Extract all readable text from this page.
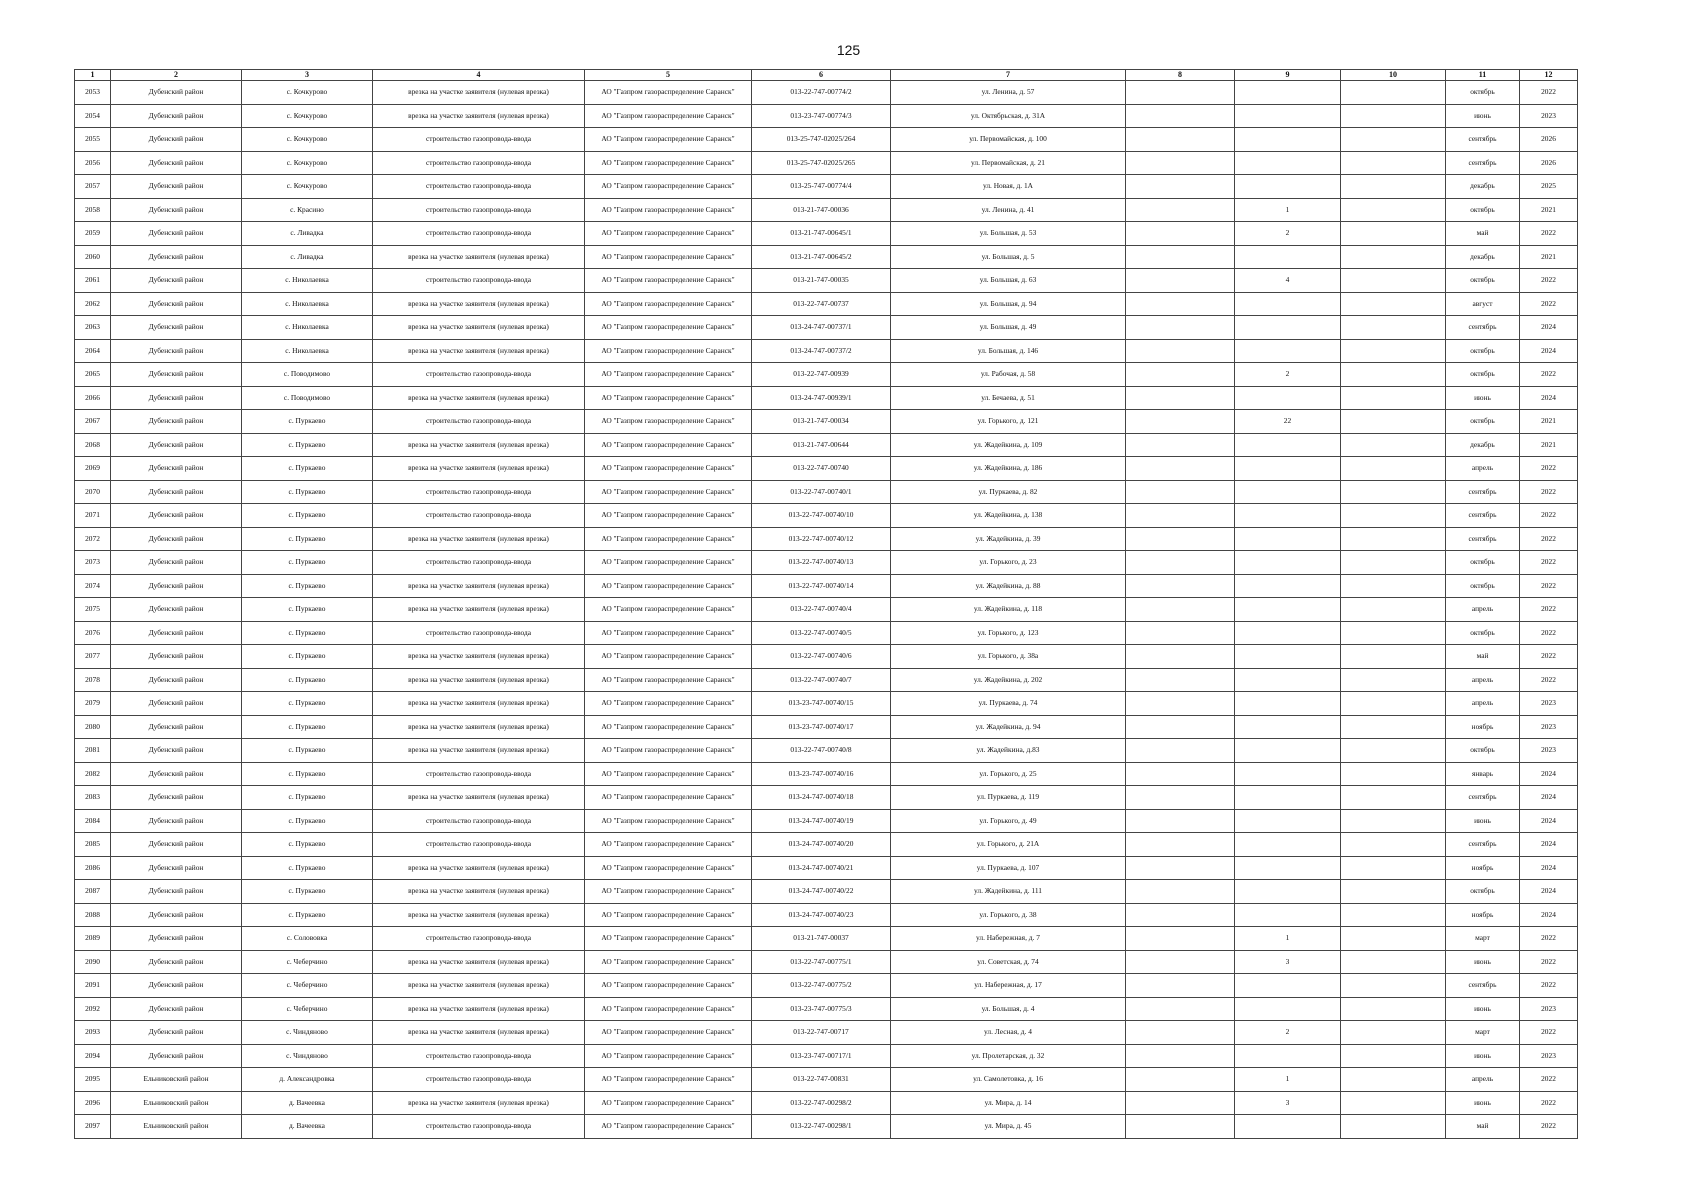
125
1	2	3	4	5	6	7	8	9	10	11	12
2053	Дубенский район	с. Кочкурово	врезка на участке заявителя (нулевая врезка)	АО "Газпром газораспределение Саранск"	013-22-747-00774/2	ул. Ленина, д. 57				октябрь	2022
2054	Дубенский район	с. Кочкурово	врезка на участке заявителя (нулевая врезка)	АО "Газпром газораспределение Саранск"	013-23-747-00774/3	ул. Октябрьская, д. 31А				июнь	2023
2055	Дубенский район	с. Кочкурово	строительство газопровода-ввода	АО "Газпром газораспределение Саранск"	013-25-747-02025/264	ул. Первомайская, д. 100				сентябрь	2026
2056	Дубенский район	с. Кочкурово	строительство газопровода-ввода	АО "Газпром газораспределение Саранск"	013-25-747-02025/265	ул. Первомайская, д. 21				сентябрь	2026
2057	Дубенский район	с. Кочкурово	строительство газопровода-ввода	АО "Газпром газораспределение Саранск"	013-25-747-00774/4	ул. Новая, д. 1А				декабрь	2025
2058	Дубенский район	с. Красино	строительство газопровода-ввода	АО "Газпром газораспределение Саранск"	013-21-747-00036	ул. Ленина, д. 41		1		октябрь	2021
2059	Дубенский район	с. Ливадка	строительство газопровода-ввода	АО "Газпром газораспределение Саранск"	013-21-747-00645/1	ул. Большая, д. 53		2		май	2022
2060	Дубенский район	с. Ливадка	врезка на участке заявителя (нулевая врезка)	АО "Газпром газораспределение Саранск"	013-21-747-00645/2	ул. Большая, д. 5				декабрь	2021
2061	Дубенский район	с. Николаевка	строительство газопровода-ввода	АО "Газпром газораспределение Саранск"	013-21-747-00035	ул. Большая, д. 63		4		октябрь	2022
2062	Дубенский район	с. Николаевка	врезка на участке заявителя (нулевая врезка)	АО "Газпром газораспределение Саранск"	013-22-747-00737	ул. Большая, д. 94				август	2022
2063	Дубенский район	с. Николаевка	врезка на участке заявителя (нулевая врезка)	АО "Газпром газораспределение Саранск"	013-24-747-00737/1	ул. Большая, д. 49				сентябрь	2024
2064	Дубенский район	с. Николаевка	врезка на участке заявителя (нулевая врезка)	АО "Газпром газораспределение Саранск"	013-24-747-00737/2	ул. Большая, д. 146				октябрь	2024
2065	Дубенский район	с. Поводимово	строительство газопровода-ввода	АО "Газпром газораспределение Саранск"	013-22-747-00939	ул. Рабочая, д. 58		2		октябрь	2022
2066	Дубенский район	с. Поводимово	врезка на участке заявителя (нулевая врезка)	АО "Газпром газораспределение Саранск"	013-24-747-00939/1	ул. Бечаева, д. 51				июнь	2024
2067	Дубенский район	с. Пуркаево	строительство газопровода-ввода	АО "Газпром газораспределение Саранск"	013-21-747-00034	ул. Горького, д. 121		22		октябрь	2021
2068	Дубенский район	с. Пуркаево	врезка на участке заявителя (нулевая врезка)	АО "Газпром газораспределение Саранск"	013-21-747-00644	ул. Жадейкина, д. 109				декабрь	2021
2069	Дубенский район	с. Пуркаево	врезка на участке заявителя (нулевая врезка)	АО "Газпром газораспределение Саранск"	013-22-747-00740	ул. Жадейкина, д. 186				апрель	2022
2070	Дубенский район	с. Пуркаево	строительство газопровода-ввода	АО "Газпром газораспределение Саранск"	013-22-747-00740/1	ул. Пуркаева, д. 82				сентябрь	2022
2071	Дубенский район	с. Пуркаево	строительство газопровода-ввода	АО "Газпром газораспределение Саранск"	013-22-747-00740/10	ул. Жадейкина, д. 138				сентябрь	2022
2072	Дубенский район	с. Пуркаево	врезка на участке заявителя (нулевая врезка)	АО "Газпром газораспределение Саранск"	013-22-747-00740/12	ул. Жадейкина, д. 39				сентябрь	2022
2073	Дубенский район	с. Пуркаево	строительство газопровода-ввода	АО "Газпром газораспределение Саранск"	013-22-747-00740/13	ул. Горького, д. 23				октябрь	2022
2074	Дубенский район	с. Пуркаево	врезка на участке заявителя (нулевая врезка)	АО "Газпром газораспределение Саранск"	013-22-747-00740/14	ул. Жадейкина, д. 88				октябрь	2022
2075	Дубенский район	с. Пуркаево	врезка на участке заявителя (нулевая врезка)	АО "Газпром газораспределение Саранск"	013-22-747-00740/4	ул. Жадейкина, д. 118				апрель	2022
2076	Дубенский район	с. Пуркаево	строительство газопровода-ввода	АО "Газпром газораспределение Саранск"	013-22-747-00740/5	ул. Горького, д. 123				октябрь	2022
2077	Дубенский район	с. Пуркаево	врезка на участке заявителя (нулевая врезка)	АО "Газпром газораспределение Саранск"	013-22-747-00740/6	ул. Горького, д. 38а				май	2022
2078	Дубенский район	с. Пуркаево	врезка на участке заявителя (нулевая врезка)	АО "Газпром газораспределение Саранск"	013-22-747-00740/7	ул. Жадейкина, д. 202				апрель	2022
2079	Дубенский район	с. Пуркаево	врезка на участке заявителя (нулевая врезка)	АО "Газпром газораспределение Саранск"	013-23-747-00740/15	ул. Пуркаева, д. 74				апрель	2023
2080	Дубенский район	с. Пуркаево	врезка на участке заявителя (нулевая врезка)	АО "Газпром газораспределение Саранск"	013-23-747-00740/17	ул. Жадейкина, д. 94				ноябрь	2023
2081	Дубенский район	с. Пуркаево	врезка на участке заявителя (нулевая врезка)	АО "Газпром газораспределение Саранск"	013-22-747-00740/8	ул. Жадейкина, д.83				октябрь	2023
2082	Дубенский район	с. Пуркаево	строительство газопровода-ввода	АО "Газпром газораспределение Саранск"	013-23-747-00740/16	ул. Горького, д. 25				январь	2024
2083	Дубенский район	с. Пуркаево	врезка на участке заявителя (нулевая врезка)	АО "Газпром газораспределение Саранск"	013-24-747-00740/18	ул. Пуркаева, д. 119				сентябрь	2024
2084	Дубенский район	с. Пуркаево	строительство газопровода-ввода	АО "Газпром газораспределение Саранск"	013-24-747-00740/19	ул. Горького, д. 49				июнь	2024
2085	Дубенский район	с. Пуркаево	строительство газопровода-ввода	АО "Газпром газораспределение Саранск"	013-24-747-00740/20	ул. Горького, д. 21А				сентябрь	2024
2086	Дубенский район	с. Пуркаево	врезка на участке заявителя (нулевая врезка)	АО "Газпром газораспределение Саранск"	013-24-747-00740/21	ул. Пуркаева, д. 107				ноябрь	2024
2087	Дубенский район	с. Пуркаево	врезка на участке заявителя (нулевая врезка)	АО "Газпром газораспределение Саранск"	013-24-747-00740/22	ул. Жадейкина, д. 111				октябрь	2024
2088	Дубенский район	с. Пуркаево	врезка на участке заявителя (нулевая врезка)	АО "Газпром газораспределение Саранск"	013-24-747-00740/23	ул. Горького, д. 38				ноябрь	2024
2089	Дубенский район	с. Солововка	строительство газопровода-ввода	АО "Газпром газораспределение Саранск"	013-21-747-00037	ул. Набережная, д. 7		1		март	2022
2090	Дубенский район	с. Чеберчино	врезка на участке заявителя (нулевая врезка)	АО "Газпром газораспределение Саранск"	013-22-747-00775/1	ул. Советская, д. 74		3		июнь	2022
2091	Дубенский район	с. Чеберчино	врезка на участке заявителя (нулевая врезка)	АО "Газпром газораспределение Саранск"	013-22-747-00775/2	ул. Набережная, д. 17				сентябрь	2022
2092	Дубенский район	с. Чеберчино	врезка на участке заявителя (нулевая врезка)	АО "Газпром газораспределение Саранск"	013-23-747-00775/3	ул. Большая, д. 4				июнь	2023
2093	Дубенский район	с. Чиндяново	врезка на участке заявителя (нулевая врезка)	АО "Газпром газораспределение Саранск"	013-22-747-00717	ул. Лесная, д. 4		2		март	2022
2094	Дубенский район	с. Чиндяново	строительство газопровода-ввода	АО "Газпром газораспределение Саранск"	013-23-747-00717/1	ул. Пролетарская, д. 32				июнь	2023
2095	Ельниковский район	д. Александровка	строительство газопровода-ввода	АО "Газпром газораспределение Саранск"	013-22-747-00831	ул. Самолетовка, д. 16		1		апрель	2022
2096	Ельниковский район	д. Вачеевка	врезка на участке заявителя (нулевая врезка)	АО "Газпром газораспределение Саранск"	013-22-747-00298/2	ул. Мира, д. 14		3		июнь	2022
2097	Ельниковский район	д. Вачеевка	строительство газопровода-ввода	АО "Газпром газораспределение Саранск"	013-22-747-00298/1	ул. Мира, д. 45				май	2022
